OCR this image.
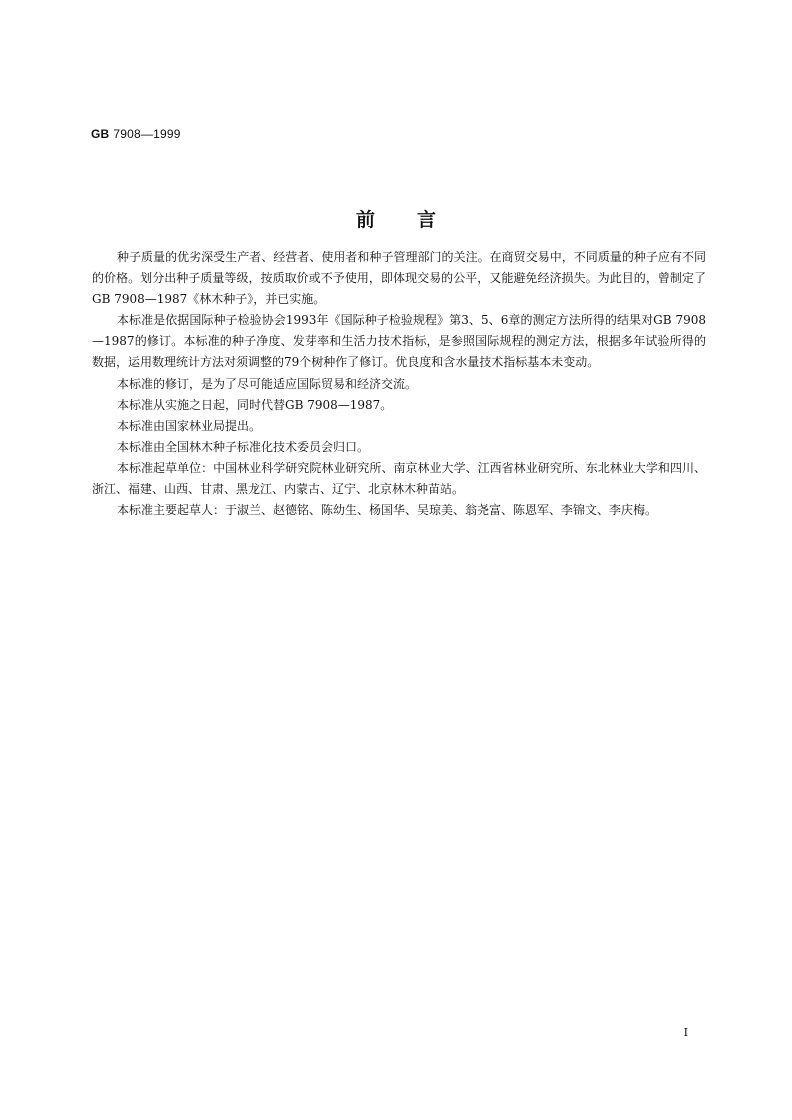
GB 7908—1999
前 言

种子质量的优劣深受生产者、经营者、使用者和种子管理部门的关注。在商贸交易中，不同质量的种子应有不同的价格。划分出种子质量等级，按质取价或不予使用，即体现交易的公平，又能避免经济损失。为此目的，曾制定了GB 7908—1987《林木种子》，并已实施。

本标准是依据国际种子检验协会1993年《国际种子检验规程》第3、5、6章的测定方法所得的结果对GB 7908—1987的修订。本标准的种子净度、发芽率和生活力技术指标，是参照国际规程的测定方法，根据多年试验所得的数据，运用数理统计方法对须调整的79个树种作了修订。优良度和含水量技术指标基本未变动。

本标准的修订，是为了尽可能适应国际贸易和经济交流。

本标准从实施之日起，同时代替GB 7908—1987。

本标准由国家林业局提出。

本标准由全国林木种子标准化技术委员会归口。

本标准起草单位：中国林业科学研究院林业研究所、南京林业大学、江西省林业研究所、东北林业大学和四川、浙江、福建、山西、甘肃、黑龙江、内蒙古、辽宁、北京林木种苗站。

本标准主要起草人：于淑兰、赵德铭、陈幼生、杨国华、吴琼美、翁尧富、陈恩军、李锦文、李庆梅。

I
